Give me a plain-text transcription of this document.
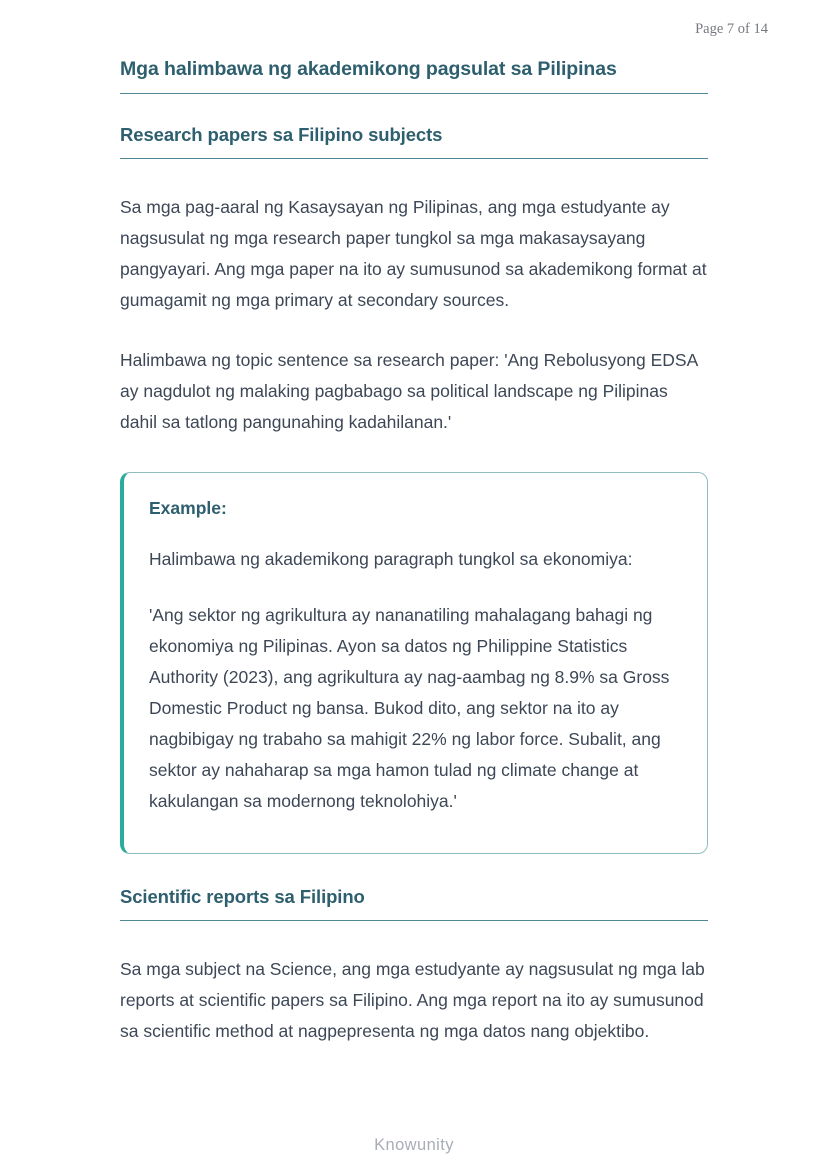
Page 7 of 14
Mga halimbawa ng akademikong pagsulat sa Pilipinas
Research papers sa Filipino subjects

Sa mga pag-aaral ng Kasaysayan ng Pilipinas, ang mga estudyante ay nagsusulat ng mga research paper tungkol sa mga makasaysayang pangyayari. Ang mga paper na ito ay sumusunod sa akademikong format at gumagamit ng mga primary at secondary sources.

Halimbawa ng topic sentence sa research paper: 'Ang Rebolusyong EDSA ay nagdulot ng malaking pagbabago sa political landscape ng Pilipinas dahil sa tatlong pangunahing kadahilanan.'

Example:

Halimbawa ng akademikong paragraph tungkol sa ekonomiya:

'Ang sektor ng agrikultura ay nananatiling mahalagang bahagi ng ekonomiya ng Pilipinas. Ayon sa datos ng Philippine Statistics Authority (2023), ang agrikultura ay nag-aambag ng 8.9% sa Gross Domestic Product ng bansa. Bukod dito, ang sektor na ito ay nagbibigay ng trabaho sa mahigit 22% ng labor force. Subalit, ang sektor ay nahaharap sa mga hamon tulad ng climate change at kakulangan sa modernong teknolohiya.'

Scientific reports sa Filipino

Sa mga subject na Science, ang mga estudyante ay nagsusulat ng mga lab reports at scientific papers sa Filipino. Ang mga report na ito ay sumusunod sa scientific method at nagpepresenta ng mga datos nang objektibo.

Knowunity
